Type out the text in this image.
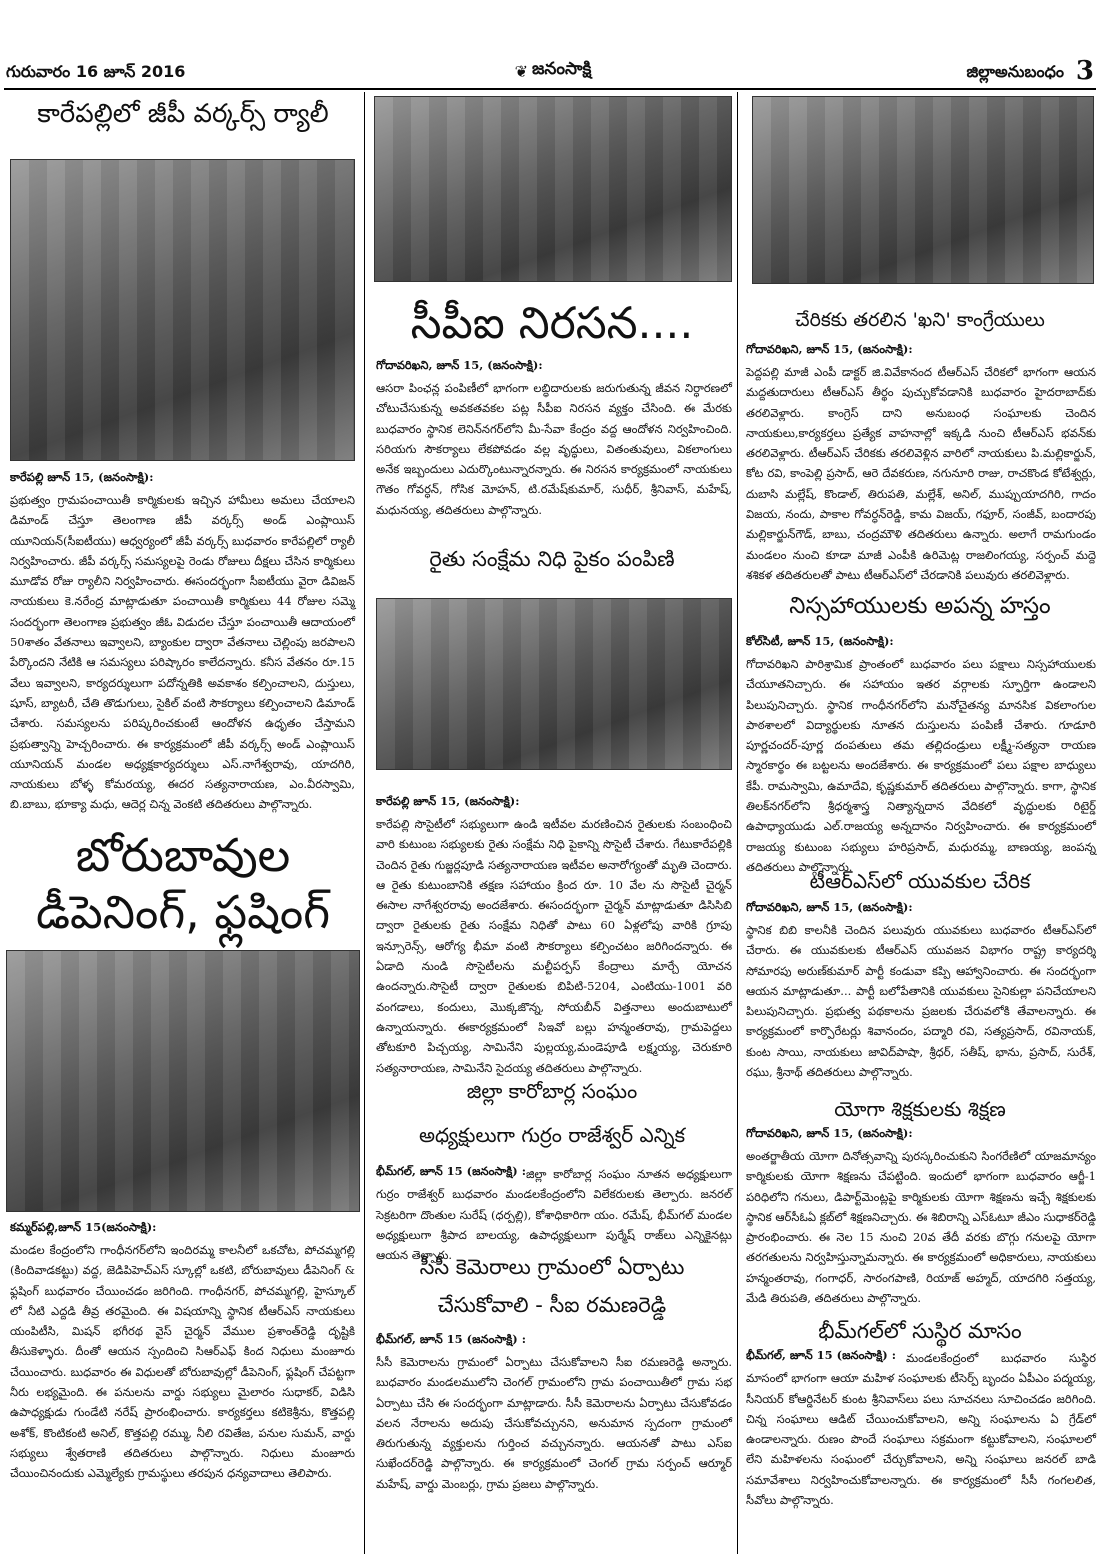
గురువారం 16 జూన్ 2016	❦ జనంసాక్షి	జిల్లాఅనుబంధం 3
కారేపల్లిలో జీపీ వర్కర్స్ ర్యాలీ
కారేపల్లి జూన్ 15, (జనంసాక్షి):
ప్రభుత్వం గ్రామపంచాయితీ కార్మికులకు ఇచ్చిన హామీలు అమలు చేయాలని డిమాండ్ చేస్తూ తెలంగాణ జీపీ వర్కర్స్ అండ్ ఎంప్లాయిస్ యూనియన్(సీఐటీయు) ఆధ్వర్యంలో జీపీ వర్కర్స్ బుధవారం కారేపల్లిలో ర్యాలీ నిర్వహించారు. జీపీ వర్కర్స్ సమస్యలపై రెండు రోజులు దీక్షలు చేసిన కార్మికులు మూడోవ రోజు ర్యాలీని నిర్వహించారు. ఈసందర్భంగా సీఐటీయు వైరా డివిజన్ నాయకులు కె.నరేంద్ర మాట్లాడుతూ పంచాయితీ కార్మికులు 44 రోజుల సమ్మె సందర్భంగా తెలంగాణ ప్రభుత్వం జీఓ విడుదల చేస్తూ పంచాయితీ ఆదాయంలో 50శాతం వేతనాలు ఇవ్వాలని, బ్యాంకుల ద్వారా వేతనాలు చెల్లింపు జరపాలని పేర్కొందని నేటికి ఆ సమస్యలు పరిష్కారం కాలేదన్నారు. కనీస వేతనం రూ.15 వేలు ఇవ్వాలని, కార్యదర్శులుగా పదోన్నతికి అవకాశం కల్పించాలని, దుస్తులు, షూస్, బ్యాటరీ, చేతి తొడుగులు, సైకిల్ వంటి సౌకర్యాలు కల్పించాలని డిమాండ్ చేశారు. సమస్యలను పరిష్కరించకుంటే ఆందోళన ఉధృతం చేస్తామని ప్రభుత్వాన్ని హెచ్చరించారు. ఈ కార్యక్రమంలో జీపీ వర్కర్స్ అండ్ ఎంప్లాయిస్ యూనియన్ మండల అధ్యక్షకార్యదర్శులు ఎస్.నాగేశ్వరావు, యాదగిరి, నాయకులు బోళ్ళ కోమరయ్య, ఈదర సత్యనారాయణ, ఎం.వీరస్వామి, బి.బాబు, భూక్యా మధు, ఆదెర్ల చిన్న వెంకటి తదితరులు పాల్గొన్నారు.
బోరుబావుల
డీపెనింగ్, ఫ్లషింగ్
కమ్మర్‌పల్లి,జూన్ 15(జనంసాక్షి):
మండల కేంద్రంలోని గాంధీనగర్‌లోని ఇందిరమ్మ కాలనీలో ఒకచోట, పోచమ్మగల్లి (కిందివాడకట్టు) వద్ద, జెడిపిహెచ్ఎస్ స్కూల్లో ఒకటి, బోరుబావులు డీపెనింగ్ & ఫ్లషింగ్ బుధవారం చేయించడం జరిగింది. గాంధీనగర్, పోచమ్మగల్లి, హైస్కూల్ లో నీటి ఎద్దడి తీవ్ర తరమైంది. ఈ విషయాన్ని స్థానిక టీఆర్ఎస్ నాయకులు యంపిటీసి, మిషన్ భగీరథ వైస్ చైర్మన్ వేముల ప్రశాంత్‌రెడ్డి దృష్టికి తీసుకెళ్ళారు. దీంతో ఆయన స్పందించి సిఆర్ఎఫ్ కింద నిధులు మంజూరు చేయించారు. బుధవారం ఈ విధులతో బోరుబావుల్లో డీపెనింగ్, ఫ్లషింగ్ చేపట్టగా నీరు లభ్యమైంది. ఈ పనులను వార్డు సభ్యులు మైలారం సుధాకర్, విడిసి ఉపాధ్యక్షుడు గుండేటి నరేష్ ప్రారంభించారు. కార్యకర్తలు కటికెశ్రీను, కొత్తపల్లి అశోక్, కొంటికంటి అనిల్, కొత్తపల్లి రమ్ము, నీలి రవితేజ, పనుల సుమన్, వార్డు సభ్యులు శ్వేతరాణి తదితరులు పాల్గొన్నారు. నిధులు మంజూరు చేయించినందుకు ఎమ్మెల్యేకు గ్రామస్థులు తరపున ధన్యవాదాలు తెలిపారు.
సీపీఐ నిరసన....
గోదావరిఖని, జూన్ 15, (జనంసాక్షి):
ఆసరా పింఛన్ల పంపిణీలో భాగంగా లబ్ధిదారులకు జరుగుతున్న జీవన నిర్ధారణలో చోటుచేసుకున్న అవకతవకల పట్ల సీపీఐ నిరసన వ్యక్తం చేసింది. ఈ మేరకు బుధవారం స్థానిక లెనిన్‌నగర్‌లోని మీ-సేవా కేంద్రం వద్ద ఆందోళన నిర్వహించింది. సరియగు సౌకర్యాలు లేకపోవడం వల్ల వృద్ధులు, వితంతువులు, వికలాంగులు అనేక ఇబ్బందులు ఎదుర్కొంటున్నారన్నారు. ఈ నిరసన కార్యక్రమంలో నాయకులు గౌతం గోవర్ధన్, గోసిక మోహన్, టి.రమేష్‌కుమార్, సుధీర్, శ్రీనివాస్, మహేష్, మధునయ్య, తదితరులు పాల్గొన్నారు.
రైతు సంక్షేమ నిధి పైకం పంపిణి
కారేపల్లి జూన్ 15, (జనంసాక్షి):
కారేపల్లి సొసైటీలో సభ్యులుగా ఉండి ఇటీవల మరణించిన రైతులకు సంబంధించి వారి కుటుంబ సభ్యులకు రైతు సంక్షేమ నిధి పైకాన్ని సొసైటీ చేశారు. గేటుకారేపల్లికి చెందిన రైతు గుజ్జర్లపూడి సత్యనారాయణ ఇటీవల అనారోగ్యంతో మృతి చెందారు. ఆ రైతు కుటుంబానికి తక్షణ సహాయం క్రింద రూ. 10 వేల ను సొసైటీ చైర్మన్ ఈసాల నాగేశ్వరరావు అందజేశారు. ఈసందర్భంగా చైర్మన్ మాట్లాడుతూ డిసిసిబి ద్వారా రైతులకు రైతు సంక్షేమ నిధితో పాటు 60 ఏళ్లలోపు వారికి గ్రూపు ఇన్సూరెన్స్, ఆరోగ్య భీమా వంటి సౌకర్యాలు కల్పించటం జరిగిందన్నారు. ఈ ఏడాది నుండి సొసైటీలను మల్టీపర్పస్ కేంద్రాలు మార్చే యోచన ఉందన్నారు.సొసైటీ ద్వారా రైతులకు బిపిటి-5204, ఎంటియు-1001 వరి వంగడాలు, కందులు, మొక్కజొన్న, సోయబీన్ విత్తనాలు అందుబాటులో ఉన్నాయన్నారు. ఈకార్యక్రమంలో సిఇవో బల్లు హన్మంతరావు, గ్రామపెద్దలు తోటకూరి పిచ్చయ్య, సామినేని పుల్లయ్య,మండెపూడి లక్ష్మయ్య, చెరుకూరి సత్యనారాయణ, సామినేని సైదయ్య తదితరులు పాల్గొన్నారు.
జిల్లా కారోబార్ల సంఘం
అధ్యక్షులుగా గుర్రం రాజేశ్వర్ ఎన్నిక
భీమ్‌గల్, జూన్ 15 (జనంసాక్షి) : జిల్లా కారోబార్ల సంఘం నూతన అధ్యక్షులుగా గుర్రం రాజేశ్వర్ బుధవారం మండలకేంద్రంలోని విలేకరులకు తెల్పారు. జనరల్ సెక్రటరిగా దొంతుల సురేష్ (ధర్పల్లి), కోశాధికారిగా యం. రమేష్, భీమ్‌గల్ మండల అధ్యక్షులుగా శ్రీపాద బాలయ్య, ఉపాధ్యక్షులుగా పుర్మేష్ రాజ్‌లు ఎన్నికైనట్లు ఆయన తెల్పారు.
సీసీ కెమెరాలు గ్రామంలో ఏర్పాటు
చేసుకోవాలి - సీఐ రమణరెడ్డి
భీమ్‌గల్, జూన్ 15 (జనంసాక్షి) :
సీసీ కెమెరాలను గ్రామంలో ఏర్పాటు చేసుకోవాలని సీఐ రమణరెడ్డి అన్నారు. బుధవారం మండలములోని చెంగల్ గ్రామంలోని గ్రామ పంచాయితీలో గ్రామ సభ ఏర్పాటు చేసి ఈ సందర్భంగా మాట్లాడారు. సీసీ కెమెరాలను ఏర్పాటు చేసుకోవడం వలన నేరాలను అదుపు చేసుకోవచ్చునని, అనుమాన స్పదంగా గ్రామంలో తిరుగుతున్న వ్యక్తులను గుర్తించ వచ్చునన్నారు. ఆయనతో పాటు ఎస్ఐ సుఖేందర్‌రెడ్డి పాల్గొన్నారు. ఈ కార్యక్రమంలో చెంగల్ గ్రామ సర్పంచ్ ఆర్మూర్ మహేష్, వార్డు మెంబర్లు, గ్రామ ప్రజలు పాల్గొన్నారు.
చేరికకు తరలిన 'ఖని' కాంగ్రేయులు
గోదావరిఖని, జూన్ 15, (జనంసాక్షి):
పెద్దపల్లి మాజీ ఎంపీ డాక్టర్ జి.వివేకానంద టీఆర్ఎస్ చేరికలో భాగంగా ఆయన మద్దతుదారులు టీఆర్ఎస్ తీర్థం పుచ్చుకోవడానికి బుధవారం హైదరాబాద్‌కు తరలివెళ్లారు. కాంగ్రెస్ దాని అనుబంధ సంఘాలకు చెందిన నాయకులు,కార్యకర్తలు ప్రత్యేక వాహనాల్లో ఇక్కడి నుంచి టీఆర్ఎస్ భవన్‌కు తరలివెళ్లారు. టీఆర్ఎస్ చేరికకు తరలివెళ్లిన వారిలో నాయకులు పి.మల్లికార్జున్, కోట రవి, కాంపెల్లి ప్రసాద్, ఆరె దేవకరుణ, నగునూరి రాజు, రాచకొండ కోటేశ్వర్లు, దుబాసి మల్లేష్, కొండాల్, తిరుపతి, మల్లేశ్, అనిల్, ముప్పుయాదగిరి, గాదం విజయ, నందు, పాకాల గోవర్ధన్‌రెడ్డి, కామ విజయ్, గఫూర్, సంజీవ్, బందారపు మల్లికార్జున్‌గౌడ్, బాబు, చంద్రమౌళి తదితరులు ఉన్నారు. అలాగే రామగుండం మండలం నుంచి కూడా మాజీ ఎంపీకి ఉరిమెట్ల రాజలింగయ్య, సర్పంచ్ మద్దె శశికళ తదితరులతో పాటు టీఆర్ఎస్‌లో చేరడానికి పలువురు తరలివెళ్లారు.
నిస్సహాయులకు అపన్న హస్తం
కోల్‌సిటీ, జూన్ 15, (జనంసాక్షి):
గోదావరిఖని పారిశ్రామిక ప్రాంతంలో బుధవారం పలు పక్షాలు నిస్సహాయులకు చేయూతనిచ్చారు. ఈ సహాయం ఇతర వర్గాలకు స్ఫూర్తిగా ఉండాలని పిలుపునిచ్చారు. స్థానిక గాంధీనగర్‌లోని మనోచైతన్య మానసిక వికలాంగుల పాఠశాలలో విద్యార్థులకు నూతన దుస్తులను పంపిణీ చేశారు. గూడూరి పూర్ణచందర్-పూర్ణ దంపతులు తమ తల్లిదండ్రులు లక్ష్మీ-సత్యనా రాయణ స్మారకార్థం ఈ బట్టలను అందజేశారు. ఈ కార్యక్రమంలో పలు పక్షాల బాధ్యులు కేపీ. రామస్వామి, ఉమాదేవి, కృష్ణకుమార్ తదితరులు పాల్గొన్నారు. కాగా, స్థానిక తిలక్‌నగర్‌లోని శ్రీధర్మశాస్త్ర నిత్యాన్నదాన వేదికలో వృద్ధులకు రిటైర్డ్ ఉపాధ్యాయుడు ఎల్.రాజయ్య అన్నదానం నిర్వహించారు. ఈ కార్యక్రమంలో రాజయ్య కుటుంబ సభ్యులు హరిప్రసాద్, మధురమ్మ, బాణయ్య, జంపన్న తదితరులు పాల్గొన్నారు.
టీఆర్ఎస్‌లో యువకుల చేరిక
గోదావరిఖని, జూన్ 15, (జనంసాక్షి):
స్థానిక బిబి కాలనీకి చెందిన పలువురు యువకులు బుధవారం టీఆర్ఎస్‌లో చేరారు. ఈ యువకులకు టీఆర్ఎస్ యువజన విభాగం రాష్ట్ర కార్యదర్శి సోమారపు అరుణ్‌కుమార్ పార్టీ కండువా కప్పి ఆహ్వానించారు. ఈ సందర్భంగా ఆయన మాట్లాడుతూ... పార్టీ బలోపేతానికి యువకులు సైనికుల్లా పనిచేయాలని పిలుపునిచ్చారు. ప్రభుత్వ పథకాలను ప్రజలకు చేరువలోకి తేవాలన్నారు. ఈ కార్యక్రమంలో కార్పొరేటర్లు శివానందం, పద్మారి రవి, సత్యప్రసాద్, రవినాయక్, కుంట సాయి, నాయకులు జావిద్‌పాషా, శ్రీధర్, సతీష్, భాను, ప్రసాద్, సురేశ్, రఘు, శ్రీనాథ్ తదితరులు పాల్గొన్నారు.
యోగా శిక్షకులకు శిక్షణ
గోదావరిఖని, జూన్ 15, (జనంసాక్షి):
అంతర్జాతీయ యోగా దినోత్సవాన్ని పురస్కరించుకుని సింగరేణిలో యాజమాన్యం కార్మికులకు యోగా శిక్షణను చేపట్టింది. ఇందులో భాగంగా బుధవారం ఆర్జీ-1 పరిధిలోని గనులు, డిపార్ట్‌మెంట్లపై కార్మికులకు యోగా శిక్షణను ఇచ్చే శిక్షకులకు స్థానిక ఆర్‌సీఓఏ క్లబ్‌లో శిక్షణనిచ్చారు. ఈ శిబిరాన్ని ఎస్‌ఓటూ జీఎం సుధాకర్‌రెడ్డి ప్రారంభించారు. ఈ నెల 15 నుంచి 20వ తేదీ వరకు బొగ్గు గనులపై యోగా తరగతులను నిర్వహిస్తున్నామన్నారు. ఈ కార్యక్రమంలో అధికారులు, నాయకులు హన్మంతరావు, గంగాధర్, సారంగపాణి, రియాజ్ అహ్మద్, యాదగిరి సత్తయ్య, మేడి తిరుపతి, తదితరులు పాల్గొన్నారు.
భీమ్‌గల్‌లో సుస్థిర మాసం
భీమ్‌గల్, జూన్ 15 (జనంసాక్షి) : మండలకేంద్రంలో బుధవారం సుస్థిర మాసంలో భాగంగా ఆయా మహిళ సంఘాలకు టీసెర్ప్ బృందం ఏపీఎం పద్మయ్య, సీనియర్ కోఆర్డినేటర్ కుంట శ్రీనివాస్‌లు పలు సూచనలు సూచించడం జరిగింది. చిన్న సంఘాలు ఆడిట్ చేయించుకోవాలని, అన్ని సంఘాలను ఏ గ్రేడ్‌లో ఉండాలన్నారు. రుణం పొందే సంఘాలు సక్రమంగా కట్టుకోవాలని, సంఘాలలో లేని మహిళలను సంఘంలో చేర్చుకోవాలని, అన్ని సంఘాలు జనరల్ బాడి సమావేశాలు నిర్వహించుకోవాలన్నారు. ఈ కార్యక్రమంలో సీసీ గంగలలిత, సీవోలు పాల్గొన్నారు.
